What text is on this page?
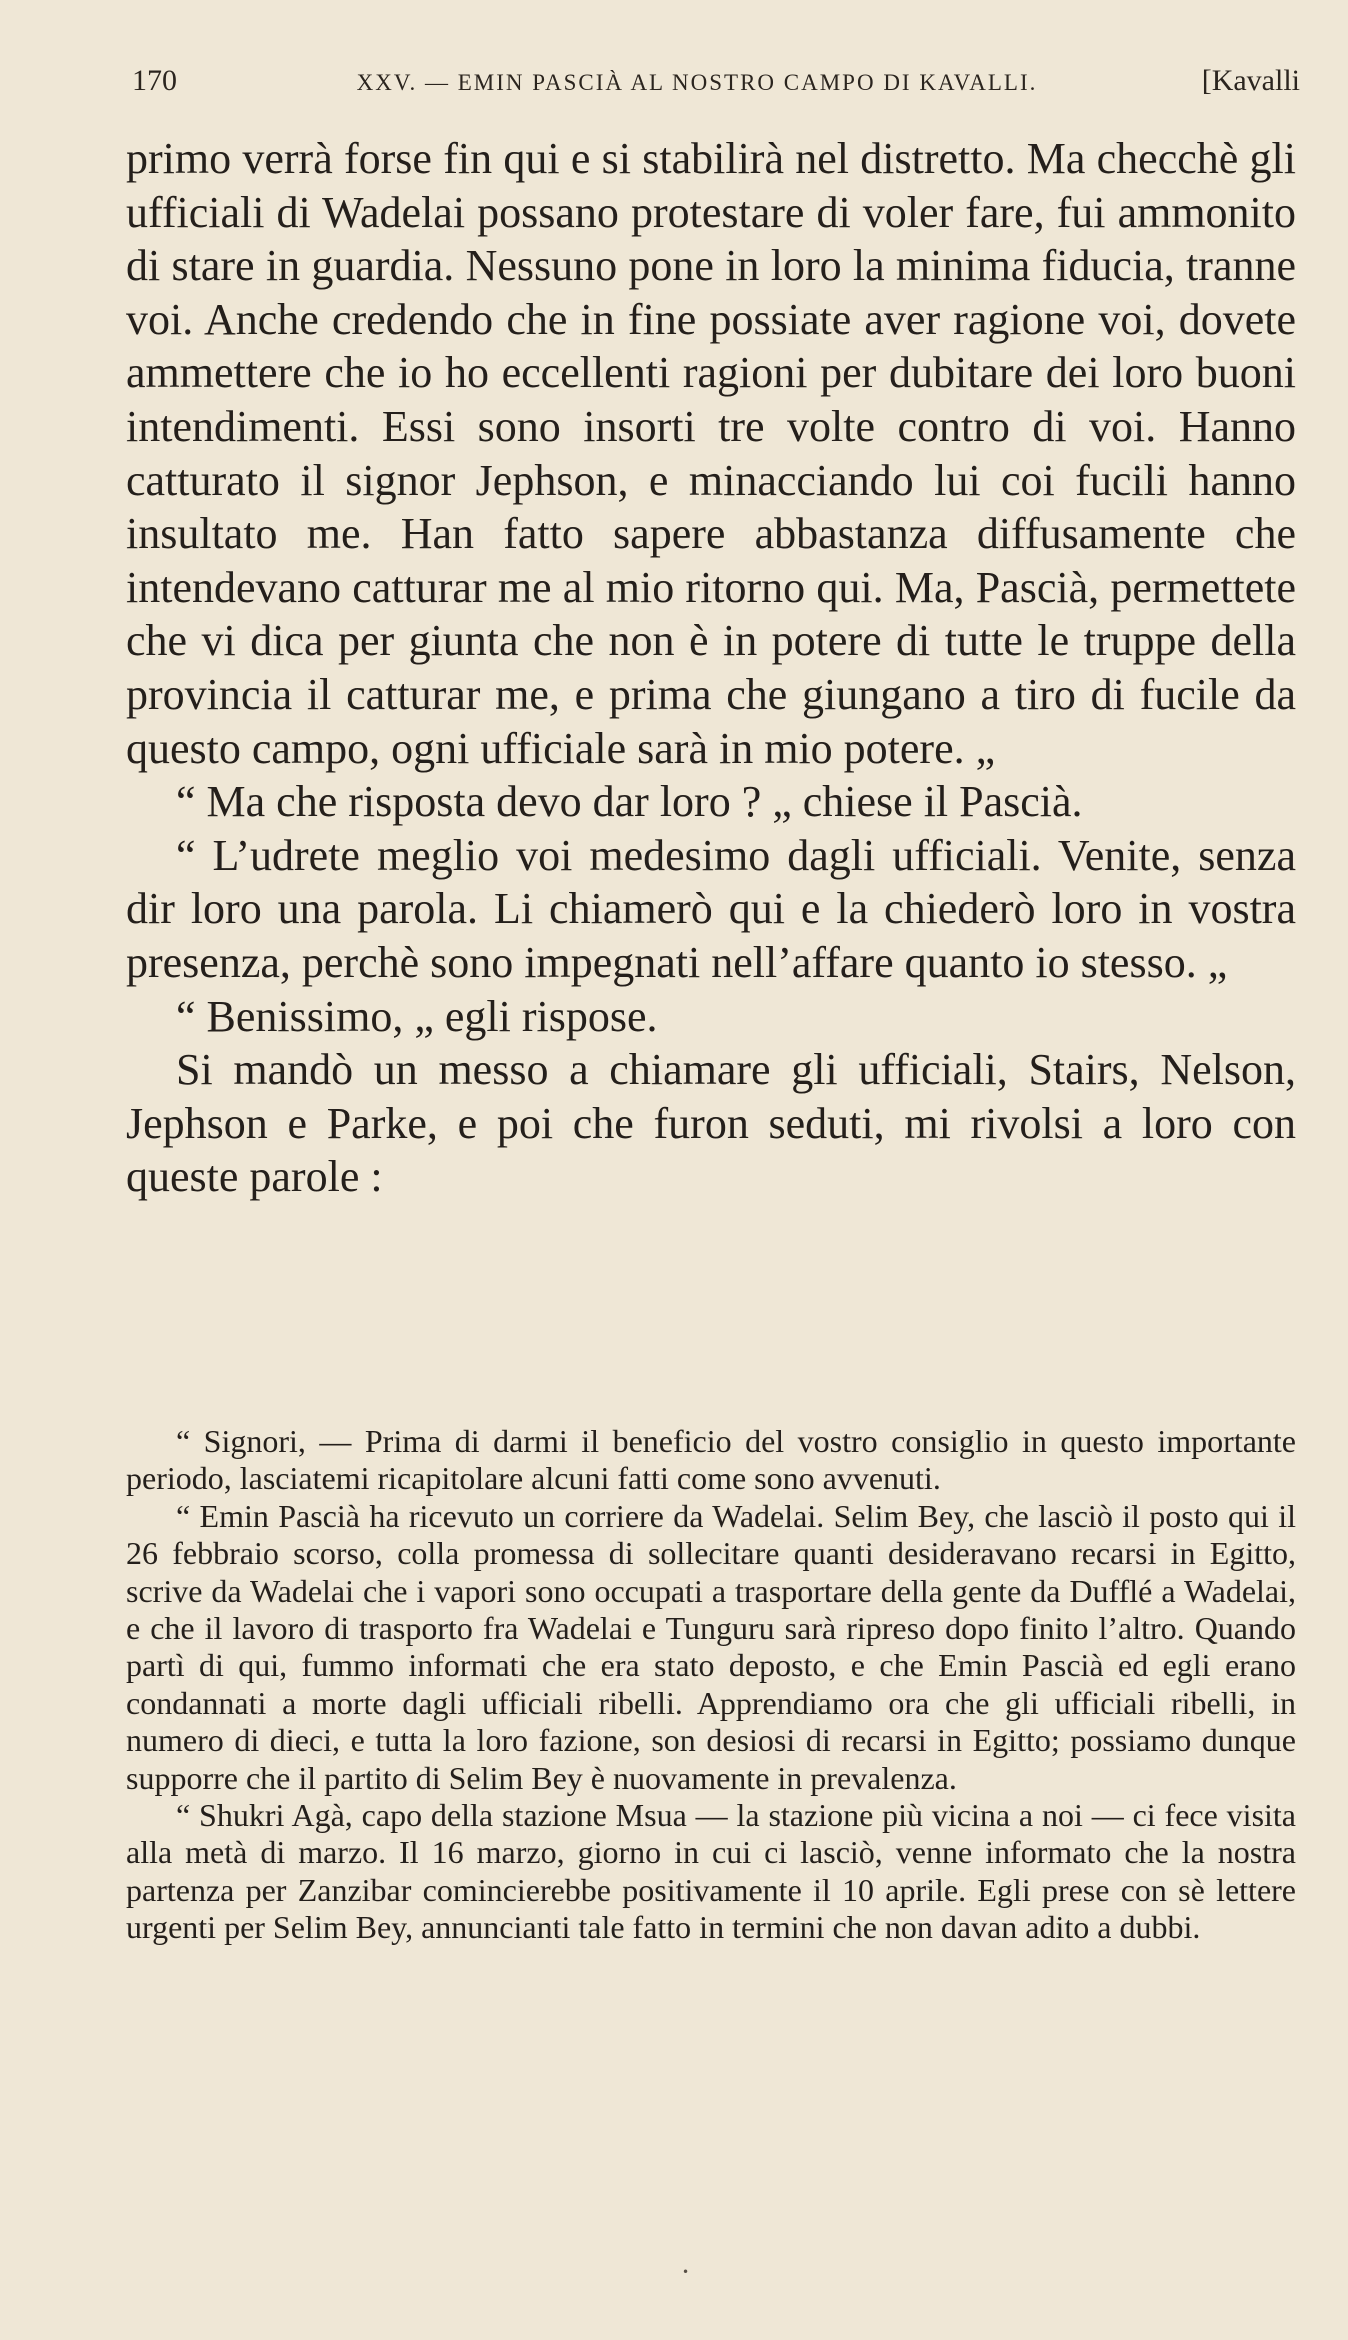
170	XXV. — EMIN PASCIÀ AL NOSTRO CAMPO DI KAVALLI.	[Kavalli

primo verrà forse fin qui e si stabilirà nel distretto. Ma checchè gli ufficiali di Wadelai possano protestare di voler fare, fui ammonito di stare in guardia. Nessuno pone in loro la minima fiducia, tranne voi. Anche credendo che in fine possiate aver ragione voi, dovete ammettere che io ho eccellenti ragioni per dubitare dei loro buoni intendimenti. Essi sono insorti tre volte contro di voi. Hanno catturato il signor Jephson, e minacciando lui coi fucili hanno insultato me. Han fatto sapere abbastanza diffusamente che intendevano catturar me al mio ritorno qui. Ma, Pascià, permettete che vi dica per giunta che non è in potere di tutte le truppe della provincia il catturar me, e prima che giungano a tiro di fucile da questo campo, ogni ufficiale sarà in mio potere. „

“ Ma che risposta devo dar loro ? „ chiese il Pascià.

“ L’udrete meglio voi medesimo dagli ufficiali. Venite, senza dir loro una parola. Li chiamerò qui e la chiederò loro in vostra presenza, perchè sono impegnati nell’affare quanto io stesso. „

“ Benissimo, „ egli rispose.

Si mandò un messo a chiamare gli ufficiali, Stairs, Nelson, Jephson e Parke, e poi che furon seduti, mi rivolsi a loro con queste parole :

“ Signori, — Prima di darmi il beneficio del vostro consiglio in questo importante periodo, lasciatemi ricapitolare alcuni fatti come sono avvenuti.

“ Emin Pascià ha ricevuto un corriere da Wadelai. Selim Bey, che lasciò il posto qui il 26 febbraio scorso, colla promessa di sollecitare quanti desideravano recarsi in Egitto, scrive da Wadelai che i vapori sono occupati a trasportare della gente da Dufflé a Wadelai, e che il lavoro di trasporto fra Wadelai e Tunguru sarà ripreso dopo finito l’altro. Quando partì di qui, fummo informati che era stato deposto, e che Emin Pascià ed egli erano condannati a morte dagli ufficiali ribelli. Apprendiamo ora che gli ufficiali ribelli, in numero di dieci, e tutta la loro fazione, son desiosi di recarsi in Egitto; possiamo dunque supporre che il partito di Selim Bey è nuovamente in prevalenza.

“ Shukri Agà, capo della stazione Msua — la stazione più vicina a noi — ci fece visita alla metà di marzo. Il 16 marzo, giorno in cui ci lasciò, venne informato che la nostra partenza per Zanzibar comincierebbe positivamente il 10 aprile. Egli prese con sè lettere urgenti per Selim Bey, annuncianti tale fatto in termini che non davan adito a dubbi.

•
